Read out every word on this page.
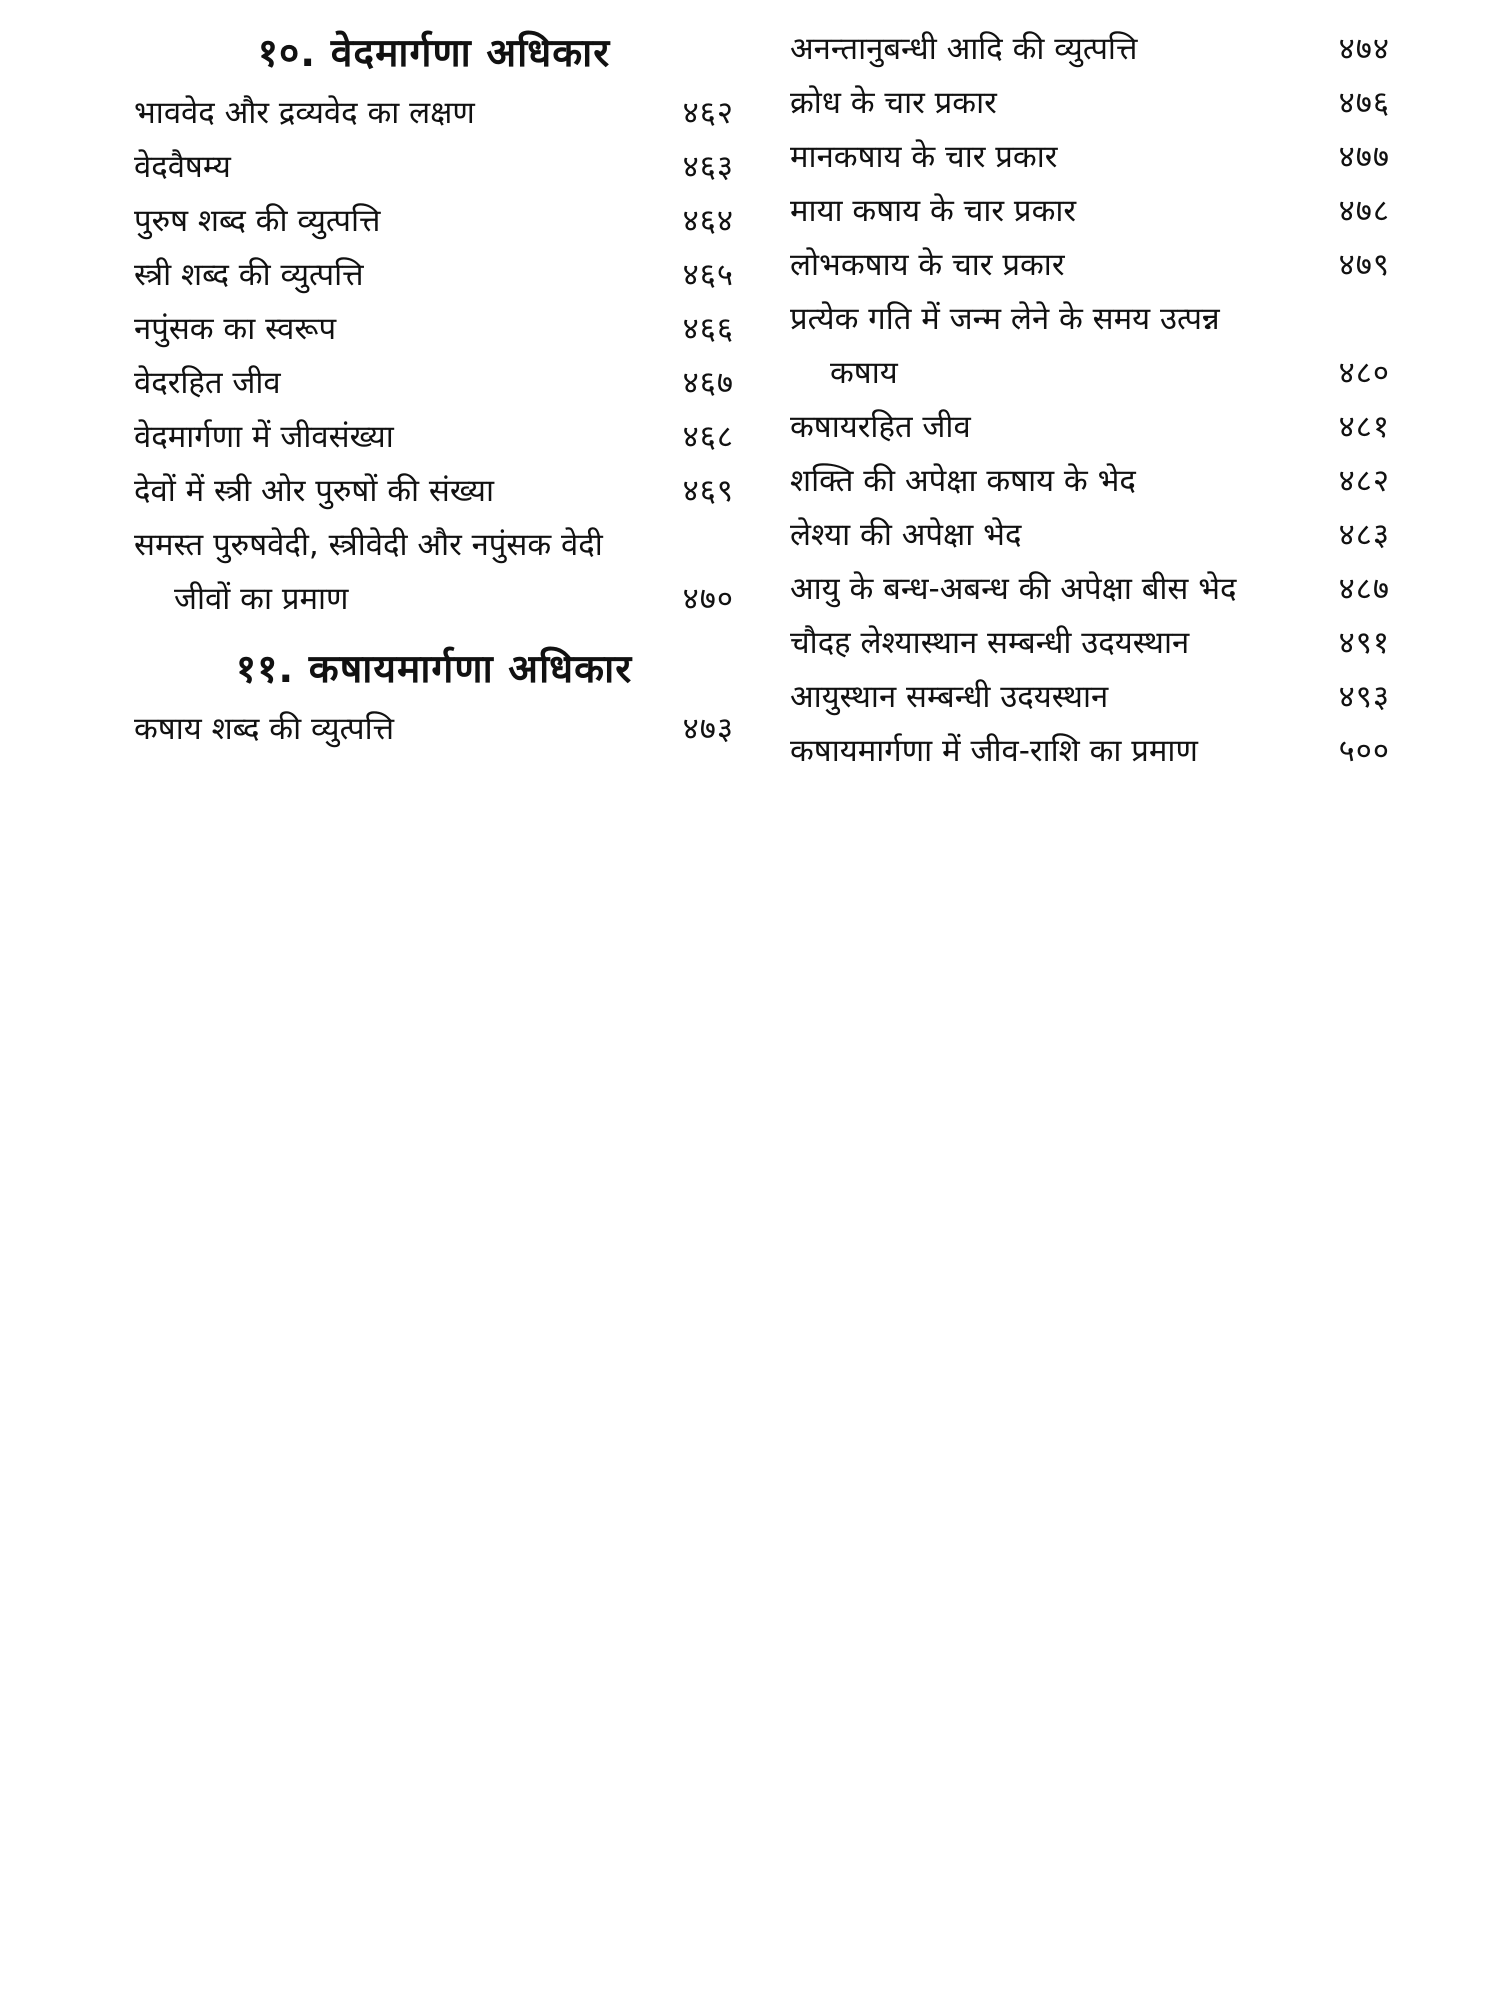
१०. वेदमार्गणा अधिकार
भाववेद और द्रव्यवेद का लक्षण	४६२
वेदवैषम्य	४६३
पुरुष शब्द की व्युत्पत्ति	४६४
स्त्री शब्द की व्युत्पत्ति	४६५
नपुंसक का स्वरूप	४६६
वेदरहित जीव	४६७
वेदमार्गणा में जीवसंख्या	४६८
देवों में स्त्री ओर पुरुषों की संख्या	४६९
समस्त पुरुषवेदी, स्त्रीवेदी और नपुंसक वेदी
जीवों का प्रमाण	४७०
११. कषायमार्गणा अधिकार
कषाय शब्द की व्युत्पत्ति	४७३
अनन्तानुबन्धी आदि की व्युत्पत्ति	४७४
क्रोध के चार प्रकार	४७६
मानकषाय के चार प्रकार	४७७
माया कषाय के चार प्रकार	४७८
लोभकषाय के चार प्रकार	४७९
प्रत्येक गति में जन्म लेने के समय उत्पन्न
कषाय	४८०
कषायरहित जीव	४८१
शक्ति की अपेक्षा कषाय के भेद	४८२
लेश्या की अपेक्षा भेद	४८३
आयु के बन्ध-अबन्ध की अपेक्षा बीस भेद	४८७
चौदह लेश्यास्थान सम्बन्धी उदयस्थान	४९१
आयुस्थान सम्बन्धी उदयस्थान	४९३
कषायमार्गणा में जीव-राशि का प्रमाण	५००
